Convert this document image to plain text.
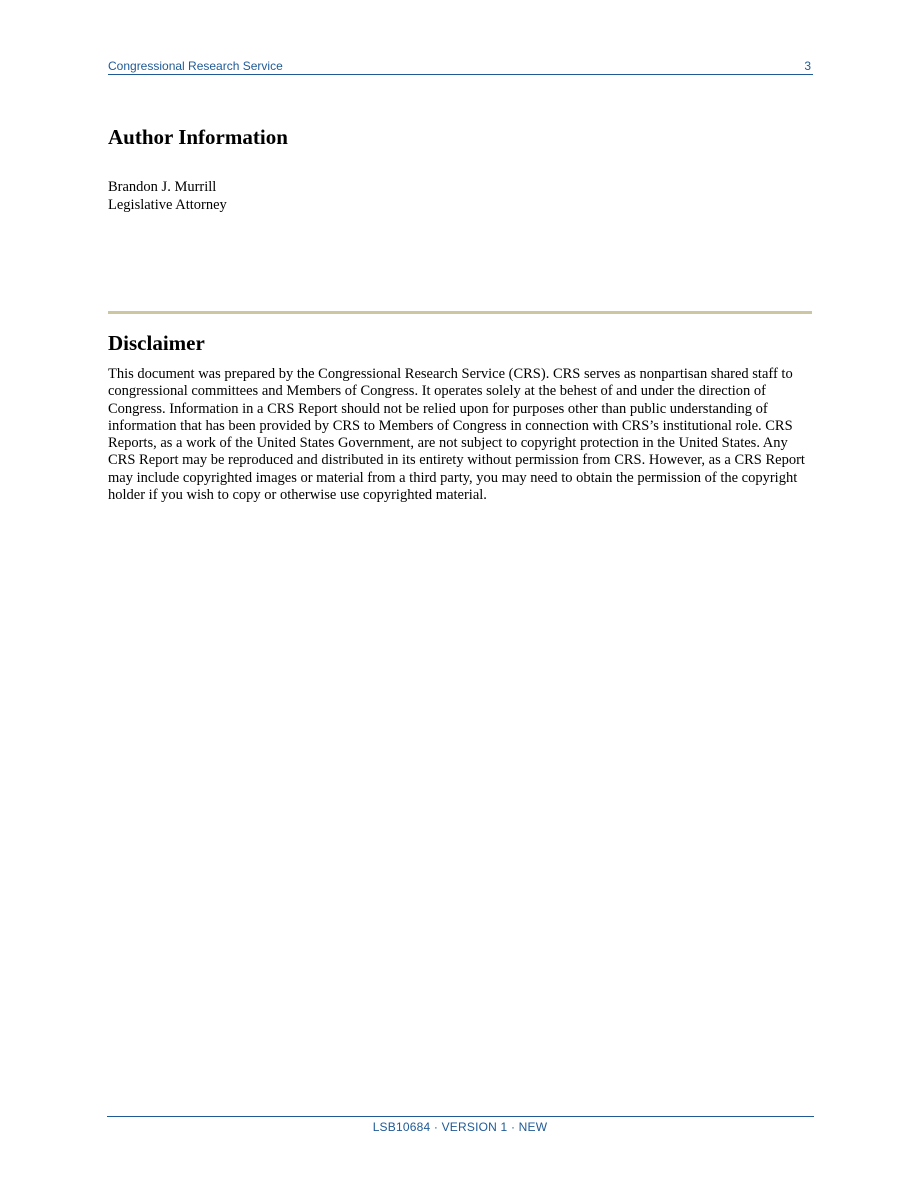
Congressional Research Service	3
Author Information
Brandon J. Murrill
Legislative Attorney
Disclaimer

This document was prepared by the Congressional Research Service (CRS). CRS serves as nonpartisan shared staff to congressional committees and Members of Congress. It operates solely at the behest of and under the direction of Congress. Information in a CRS Report should not be relied upon for purposes other than public understanding of information that has been provided by CRS to Members of Congress in connection with CRS’s institutional role. CRS Reports, as a work of the United States Government, are not subject to copyright protection in the United States. Any CRS Report may be reproduced and distributed in its entirety without permission from CRS. However, as a CRS Report may include copyrighted images or material from a third party, you may need to obtain the permission of the copyright holder if you wish to copy or otherwise use copyrighted material.

LSB10684 · VERSION 1 · NEW
